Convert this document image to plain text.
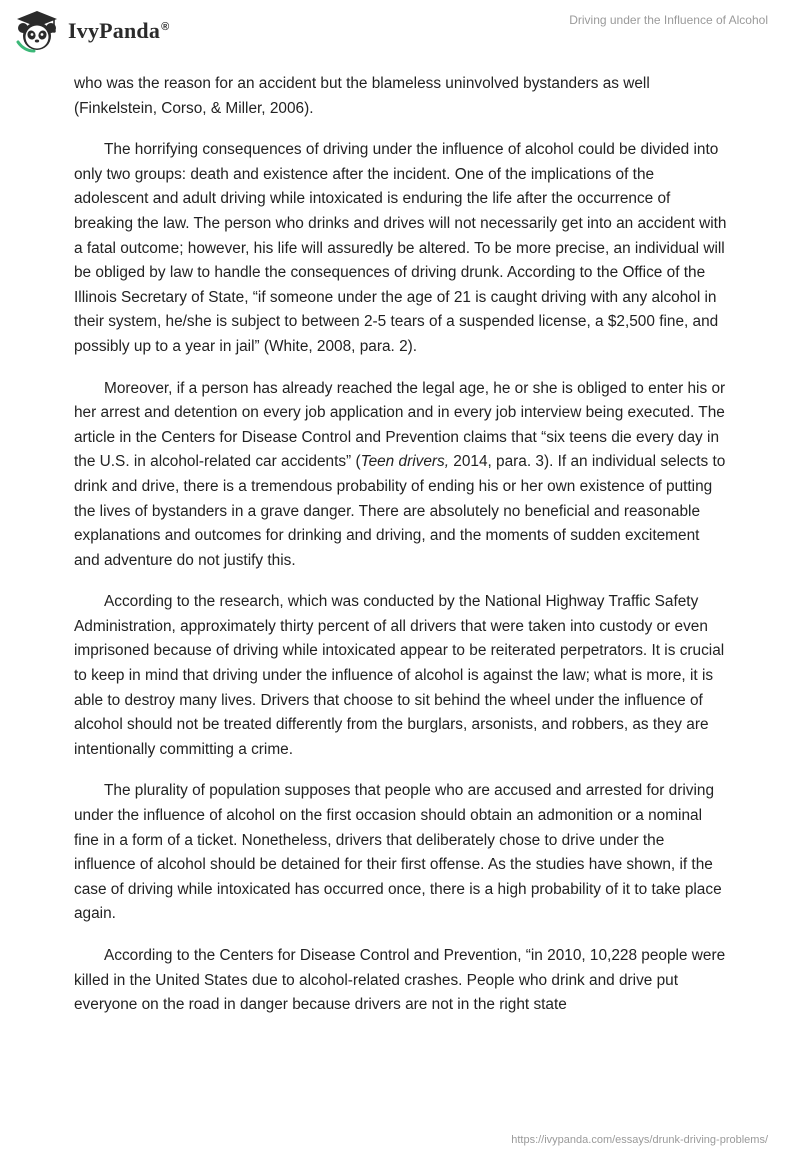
IvyPanda®	Driving under the Influence of Alcohol

who was the reason for an accident but the blameless uninvolved bystanders as well (Finkelstein, Corso, & Miller, 2006).

The horrifying consequences of driving under the influence of alcohol could be divided into only two groups: death and existence after the incident. One of the implications of the adolescent and adult driving while intoxicated is enduring the life after the occurrence of breaking the law. The person who drinks and drives will not necessarily get into an accident with a fatal outcome; however, his life will assuredly be altered. To be more precise, an individual will be obliged by law to handle the consequences of driving drunk. According to the Office of the Illinois Secretary of State, “if someone under the age of 21 is caught driving with any alcohol in their system, he/she is subject to between 2-5 tears of a suspended license, a $2,500 fine, and possibly up to a year in jail” (White, 2008, para. 2).

Moreover, if a person has already reached the legal age, he or she is obliged to enter his or her arrest and detention on every job application and in every job interview being executed. The article in the Centers for Disease Control and Prevention claims that “six teens die every day in the U.S. in alcohol-related car accidents” (Teen drivers, 2014, para. 3). If an individual selects to drink and drive, there is a tremendous probability of ending his or her own existence of putting the lives of bystanders in a grave danger. There are absolutely no beneficial and reasonable explanations and outcomes for drinking and driving, and the moments of sudden excitement and adventure do not justify this.

According to the research, which was conducted by the National Highway Traffic Safety Administration, approximately thirty percent of all drivers that were taken into custody or even imprisoned because of driving while intoxicated appear to be reiterated perpetrators. It is crucial to keep in mind that driving under the influence of alcohol is against the law; what is more, it is able to destroy many lives. Drivers that choose to sit behind the wheel under the influence of alcohol should not be treated differently from the burglars, arsonists, and robbers, as they are intentionally committing a crime.

The plurality of population supposes that people who are accused and arrested for driving under the influence of alcohol on the first occasion should obtain an admonition or a nominal fine in a form of a ticket. Nonetheless, drivers that deliberately chose to drive under the influence of alcohol should be detained for their first offense. As the studies have shown, if the case of driving while intoxicated has occurred once, there is a high probability of it to take place again.

According to the Centers for Disease Control and Prevention, “in 2010, 10,228 people were killed in the United States due to alcohol-related crashes. People who drink and drive put everyone on the road in danger because drivers are not in the right state

https://ivypanda.com/essays/drunk-driving-problems/
